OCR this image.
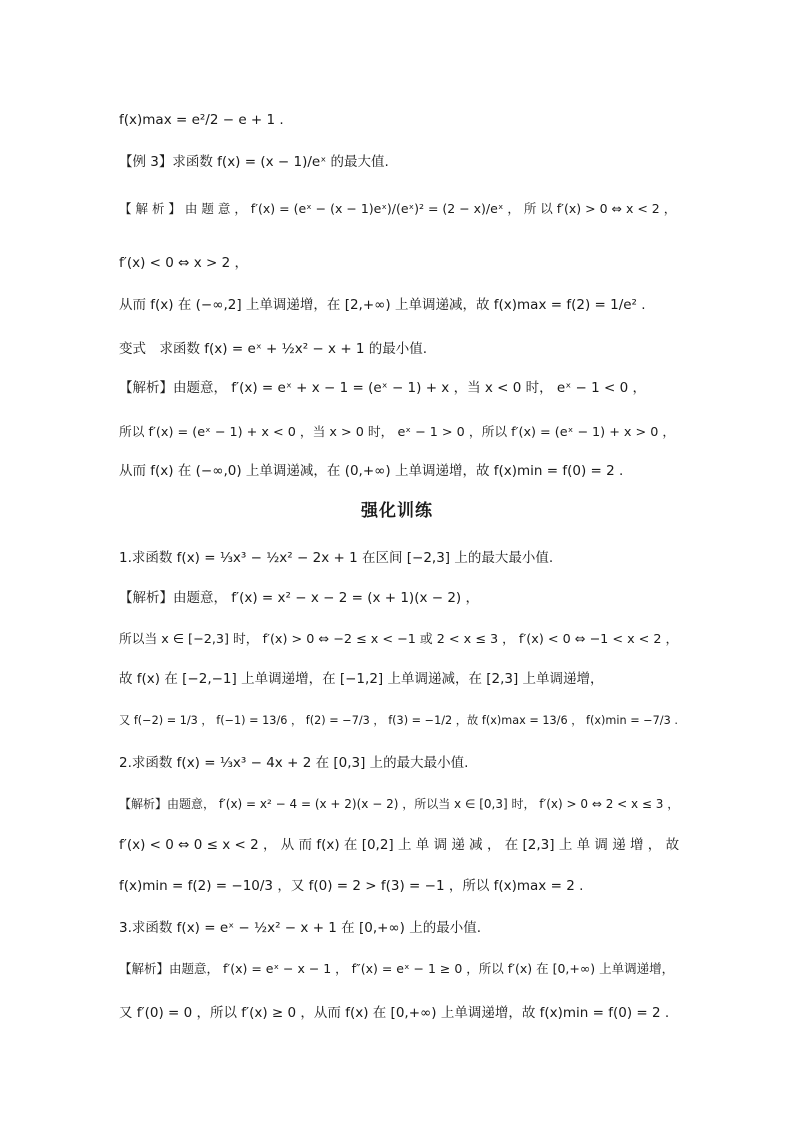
f(x)max = e²/2 − e + 1 .
【例 3】求函数 f(x) = (x − 1)/eˣ 的最大值.
【 解 析 】 由 题 意 ， f′(x) = (eˣ − (x − 1)eˣ)/(eˣ)² = (2 − x)/eˣ ， 所 以 f′(x) > 0 ⇔ x < 2 ，
f′(x) < 0 ⇔ x > 2 ，
从而 f(x) 在 (−∞,2] 上单调递增，在 [2,+∞) 上单调递减，故 f(x)max = f(2) = 1/e² .
变式　求函数 f(x) = eˣ + ½x² − x + 1 的最小值.
【解析】由题意， f′(x) = eˣ + x − 1 = (eˣ − 1) + x ，当 x < 0 时， eˣ − 1 < 0 ，
所以 f′(x) = (eˣ − 1) + x < 0 ，当 x > 0 时， eˣ − 1 > 0 ，所以 f′(x) = (eˣ − 1) + x > 0 ，
从而 f(x) 在 (−∞,0) 上单调递减，在 (0,+∞) 上单调递增，故 f(x)min = f(0) = 2 .
强化训练
1.求函数 f(x) = ⅓x³ − ½x² − 2x + 1 在区间 [−2,3] 上的最大最小值.
【解析】由题意， f′(x) = x² − x − 2 = (x + 1)(x − 2) ，
所以当 x ∈ [−2,3] 时， f′(x) > 0 ⇔ −2 ≤ x < −1 或 2 < x ≤ 3 ， f′(x) < 0 ⇔ −1 < x < 2 ，
故 f(x) 在 [−2,−1] 上单调递增，在 [−1,2] 上单调递减，在 [2,3] 上单调递增，
又 f(−2) = 1/3 ， f(−1) = 13/6 ， f(2) = −7/3 ， f(3) = −1/2 ，故 f(x)max = 13/6 ， f(x)min = −7/3 .
2.求函数 f(x) = ⅓x³ − 4x + 2 在 [0,3] 上的最大最小值.
【解析】由题意， f′(x) = x² − 4 = (x + 2)(x − 2) ，所以当 x ∈ [0,3] 时， f′(x) > 0 ⇔ 2 < x ≤ 3 ，
f′(x) < 0 ⇔ 0 ≤ x < 2 ， 从 而 f(x) 在 [0,2] 上 单 调 递 减 ， 在 [2,3] 上 单 调 递 增 ， 故
f(x)min = f(2) = −10/3 ，又 f(0) = 2 > f(3) = −1 ，所以 f(x)max = 2 .
3.求函数 f(x) = eˣ − ½x² − x + 1 在 [0,+∞) 上的最小值.
【解析】由题意， f′(x) = eˣ − x − 1 ， f″(x) = eˣ − 1 ≥ 0 ，所以 f′(x) 在 [0,+∞) 上单调递增，
又 f′(0) = 0 ，所以 f′(x) ≥ 0 ，从而 f(x) 在 [0,+∞) 上单调递增，故 f(x)min = f(0) = 2 .
